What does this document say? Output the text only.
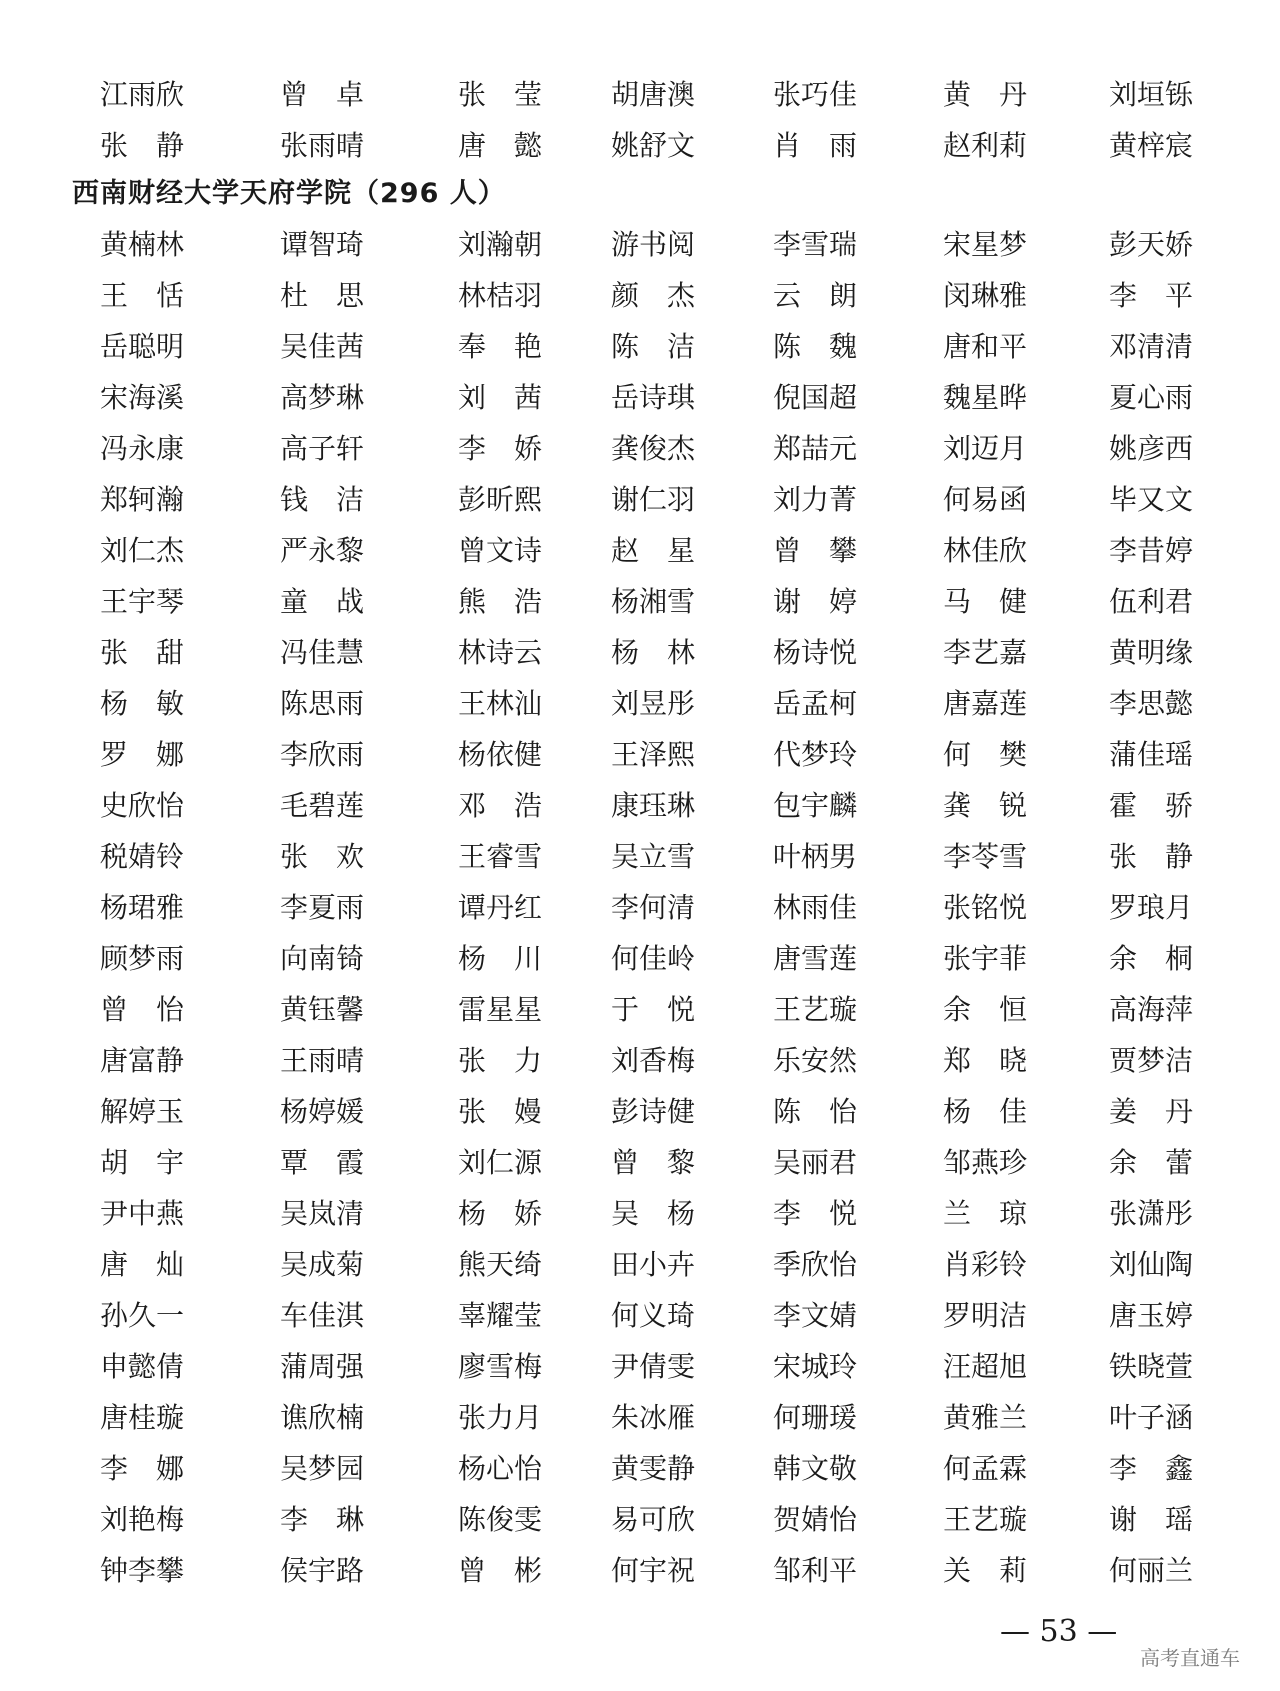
江雨欣	曾　卓	张　莹	胡唐澳	张巧佳	黄　丹	刘垣铄
张　静	张雨晴	唐　懿	姚舒文	肖　雨	赵利莉	黄梓宸
西南财经大学天府学院（296 人）
黄楠林	谭智琦	刘瀚朝	游书阅	李雪瑞	宋星梦	彭天娇
王　恬	杜　思	林桔羽	颜　杰	云　朗	闵琳雅	李　平
岳聪明	吴佳茜	奉　艳	陈　洁	陈　魏	唐和平	邓清清
宋海溪	高梦琳	刘　茜	岳诗琪	倪国超	魏星晔	夏心雨
冯永康	高子轩	李　娇	龚俊杰	郑喆元	刘迈月	姚彦西
郑轲瀚	钱　洁	彭昕熙	谢仁羽	刘力菁	何易函	毕又文
刘仁杰	严永黎	曾文诗	赵　星	曾　攀	林佳欣	李昔婷
王宇琴	童　战	熊　浩	杨湘雪	谢　婷	马　健	伍利君
张　甜	冯佳慧	林诗云	杨　林	杨诗悦	李艺嘉	黄明缘
杨　敏	陈思雨	王林汕	刘昱彤	岳孟柯	唐嘉莲	李思懿
罗　娜	李欣雨	杨依健	王泽熙	代梦玲	何　樊	蒲佳瑶
史欣怡	毛碧莲	邓　浩	康珏琳	包宇麟	龚　锐	霍　骄
税婧铃	张　欢	王睿雪	吴立雪	叶柄男	李苓雪	张　静
杨珺雅	李夏雨	谭丹红	李何清	林雨佳	张铭悦	罗琅月
顾梦雨	向南锜	杨　川	何佳岭	唐雪莲	张宇菲	余　桐
曾　怡	黄钰馨	雷星星	于　悦	王艺璇	余　恒	高海萍
唐富静	王雨晴	张　力	刘香梅	乐安然	郑　晓	贾梦洁
解婷玉	杨婷媛	张　嫚	彭诗健	陈　怡	杨　佳	姜　丹
胡　宇	覃　霞	刘仁源	曾　黎	吴丽君	邹燕珍	余　蕾
尹中燕	吴岚清	杨　娇	吴　杨	李　悦	兰　琼	张潇彤
唐　灿	吴成菊	熊天绮	田小卉	季欣怡	肖彩铃	刘仙陶
孙久一	车佳淇	辜耀莹	何义琦	李文婧	罗明洁	唐玉婷
申懿倩	蒲周强	廖雪梅	尹倩雯	宋城玲	汪超旭	铁晓萱
唐桂璇	谯欣楠	张力月	朱冰雁	何珊瑗	黄雅兰	叶子涵
李　娜	吴梦园	杨心怡	黄雯静	韩文敬	何孟霖	李　鑫
刘艳梅	李　琳	陈俊雯	易可欣	贺婧怡	王艺璇	谢　瑶
钟李攀	侯宇路	曾　彬	何宇祝	邹利平	关　莉	何丽兰
— 53 —
高考直通车
